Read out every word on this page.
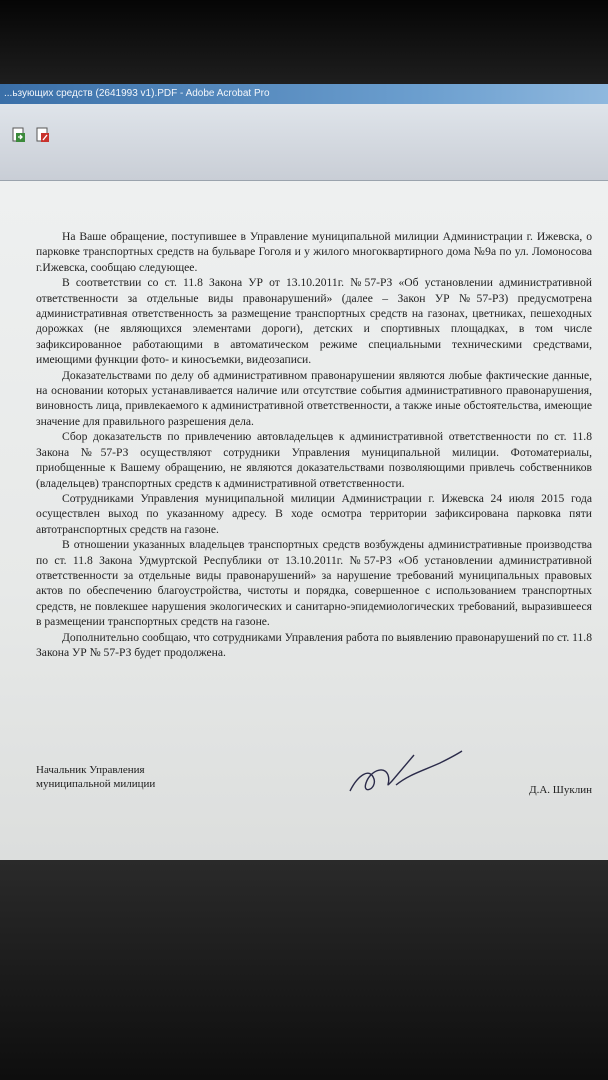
...ьзующих средств (2641993 v1).PDF - Adobe Acrobat Pro

На Ваше обращение, поступившее в Управление муниципальной милиции Администрации г. Ижевска, о парковке транспортных средств на бульваре Гоголя и у жилого многоквартирного дома №9а по ул. Ломоносова г.Ижевска, сообщаю следующее.

В соответствии со ст. 11.8 Закона УР от 13.10.2011г. №57-РЗ «Об установлении административной ответственности за отдельные виды правонарушений» (далее – Закон УР №57-РЗ) предусмотрена административная ответственность за размещение транспортных средств на газонах, цветниках, пешеходных дорожках (не являющихся элементами дороги), детских и спортивных площадках, в том числе зафиксированное работающими в автоматическом режиме специальными техническими средствами, имеющими функции фото- и киносъемки, видеозаписи.

Доказательствами по делу об административном правонарушении являются любые фактические данные, на основании которых устанавливается наличие или отсутствие события административного правонарушения, виновность лица, привлекаемого к административной ответственности, а также иные обстоятельства, имеющие значение для правильного разрешения дела.

Сбор доказательств по привлечению автовладельцев к административной ответственности по ст. 11.8 Закона №57-РЗ осуществляют сотрудники Управления муниципальной милиции. Фотоматериалы, приобщенные к Вашему обращению, не являются доказательствами позволяющими привлечь собственников (владельцев) транспортных средств к административной ответственности.

Сотрудниками Управления муниципальной милиции Администрации г. Ижевска 24 июля 2015 года осуществлен выход по указанному адресу. В ходе осмотра территории зафиксирована парковка пяти автотранспортных средств на газоне.

В отношении указанных владельцев транспортных средств возбуждены административные производства по ст. 11.8 Закона Удмуртской Республики от 13.10.2011г. №57-РЗ «Об установлении административной ответственности за отдельные виды правонарушений» за нарушение требований муниципальных правовых актов по обеспечению благоустройства, чистоты и порядка, совершенное с использованием транспортных средств, не повлекшее нарушения экологических и санитарно-эпидемиологических требований, выразившееся в размещении транспортных средств на газоне.

Дополнительно сообщаю, что сотрудниками Управления работа по выявлению правонарушений по ст. 11.8 Закона УР № 57-РЗ будет продолжена.

Начальник Управления
муниципальной милиции	Д.А. Шуклин
